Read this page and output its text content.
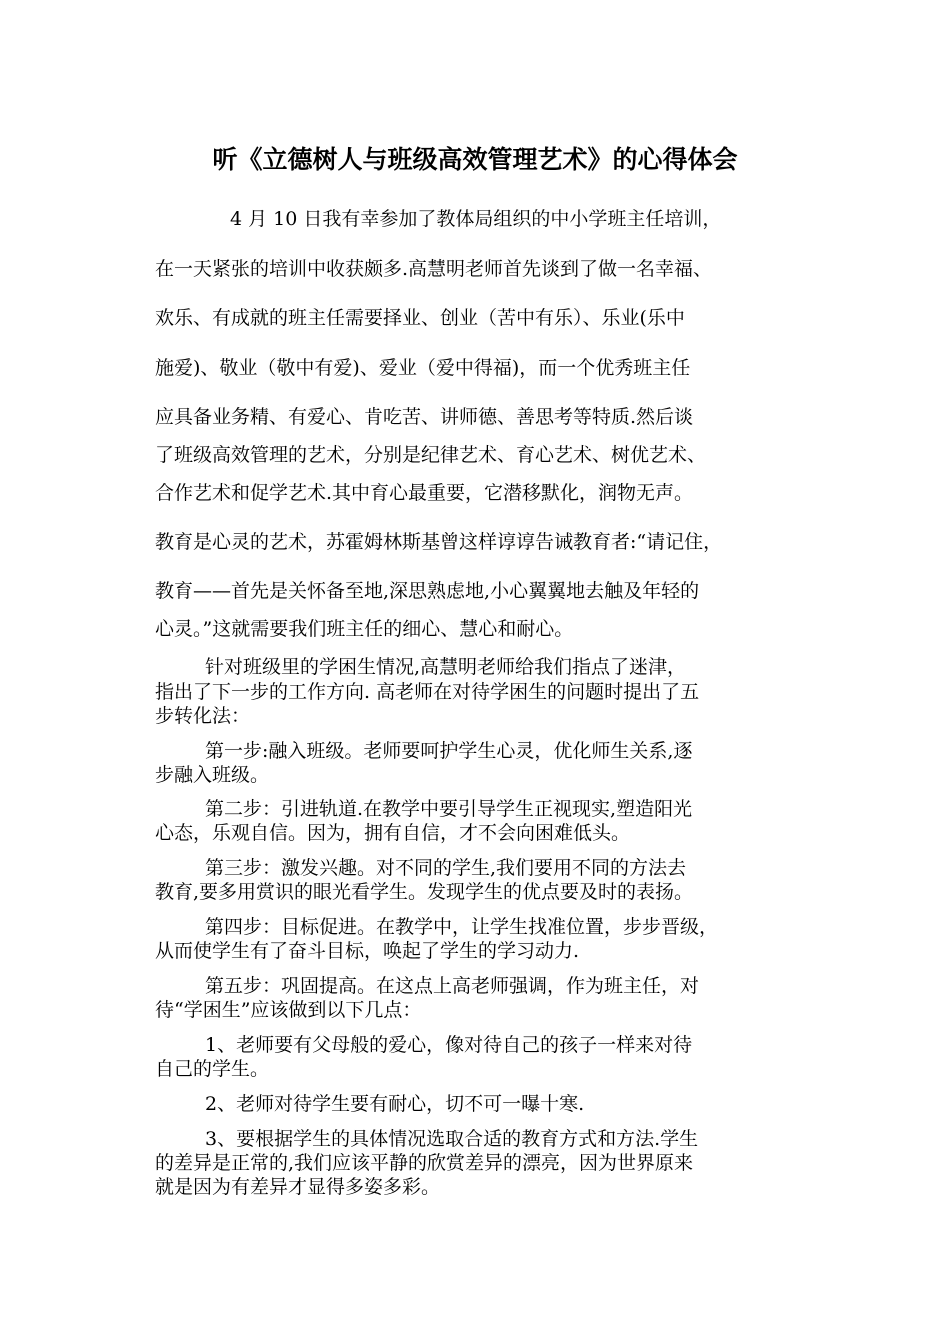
听《立德树人与班级高效管理艺术》的心得体会
4 月 10 日我有幸参加了教体局组织的中小学班主任培训，
在一天紧张的培训中收获颇多.高慧明老师首先谈到了做一名幸福、
欢乐、有成就的班主任需要择业、创业（苦中有乐）、乐业(乐中
施爱)、敬业（敬中有爱)、爱业（爱中得福)，而一个优秀班主任
应具备业务精、有爱心、肯吃苦、讲师德、善思考等特质.然后谈
了班级高效管理的艺术，分别是纪律艺术、育心艺术、树优艺术、
合作艺术和促学艺术.其中育心最重要，它潜移默化，润物无声。
教育是心灵的艺术，苏霍姆林斯基曾这样谆谆告诫教育者:“请记住，
教育——首先是关怀备至地,深思熟虑地,小心翼翼地去触及年轻的
心灵。”这就需要我们班主任的细心、慧心和耐心。
针对班级里的学困生情况,高慧明老师给我们指点了迷津，
指出了下一步的工作方向. 高老师在对待学困生的问题时提出了五
步转化法：
第一步:融入班级。老师要呵护学生心灵，优化师生关系,逐
步融入班级。
第二步：引进轨道.在教学中要引导学生正视现实,塑造阳光
心态，乐观自信。因为，拥有自信，才不会向困难低头。
第三步：激发兴趣。对不同的学生,我们要用不同的方法去
教育,要多用赏识的眼光看学生。发现学生的优点要及时的表扬。
第四步：目标促进。在教学中，让学生找准位置，步步晋级，
从而使学生有了奋斗目标，唤起了学生的学习动力.
第五步：巩固提高。在这点上高老师强调，作为班主任，对
待“学困生”应该做到以下几点：
1、老师要有父母般的爱心，像对待自己的孩子一样来对待
自己的学生。
2、老师对待学生要有耐心，切不可一曝十寒.
3、要根据学生的具体情况选取合适的教育方式和方法.学生
的差异是正常的,我们应该平静的欣赏差异的漂亮，因为世界原来
就是因为有差异才显得多姿多彩。
